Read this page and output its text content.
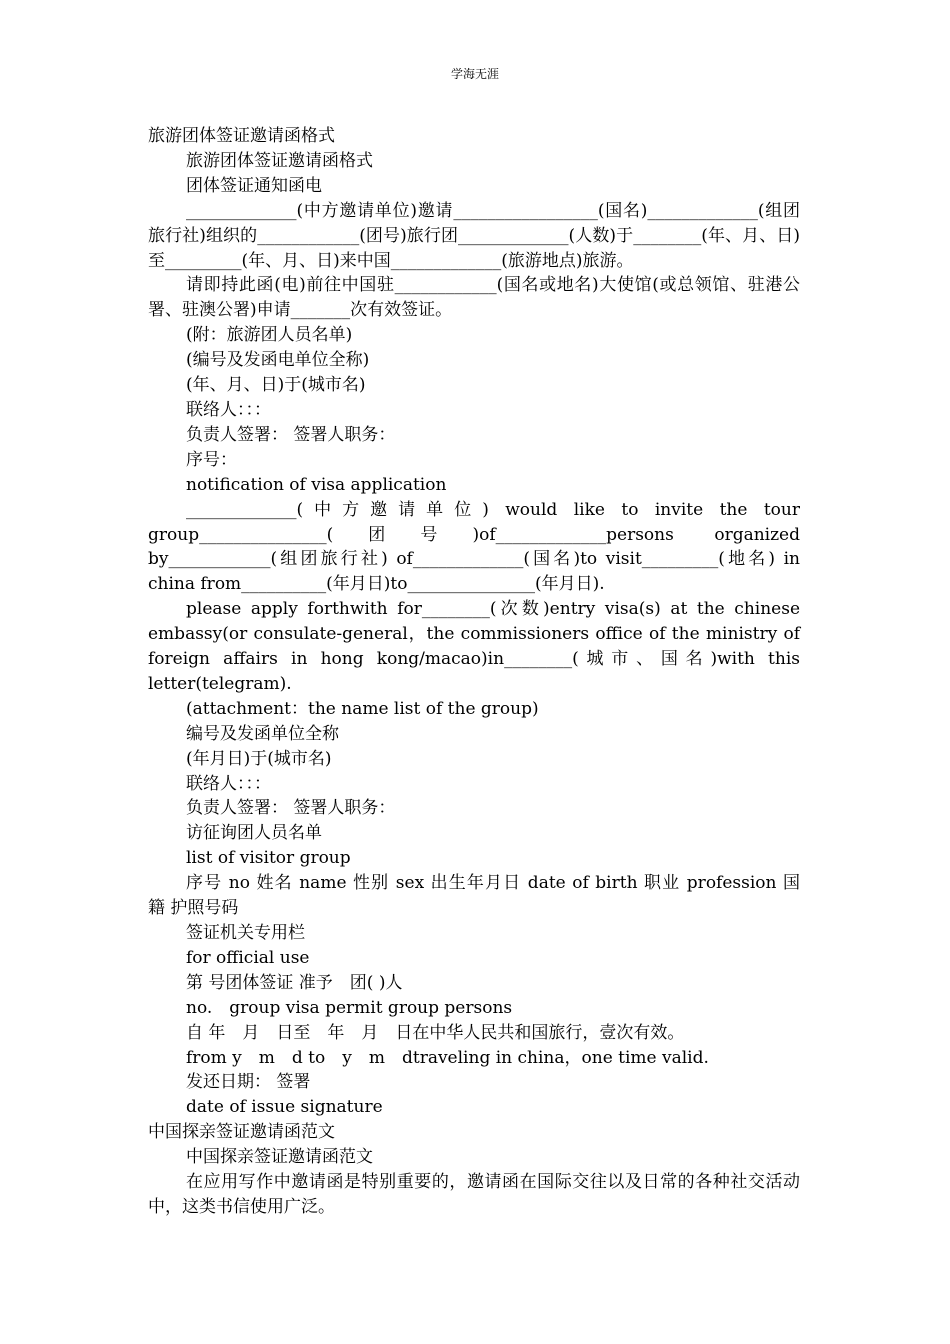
学海无涯

旅游团体签证邀请函格式

旅游团体签证邀请函格式

团体签证通知函电

_____________(中方邀请单位)邀请_________________(国名)_____________(组团旅行社)组织的____________(团号)旅行团_____________(人数)于________(年、月、日)至_________(年、月、日)来中国_____________(旅游地点)旅游。

请即持此函(电)前往中国驻____________(国名或地名)大使馆(或总领馆、驻港公署、驻澳公署)申请_______次有效签证。

(附：旅游团人员名单)

(编号及发函电单位全称)

(年、月、日)于(城市名)

联络人：：：

负责人签署： 签署人职务：

序号：

notification of visa application

_____________(中方邀请单位) would like to invite the tour group_______________(团号)of_____________persons organized by____________(组团旅行社) of_____________(国名)to visit_________(地名) in china from__________(年月日)to_______________(年月日).

please apply forthwith for________(次数)entry visa(s) at the chinese embassy(or consulate-general，the commissioners office of the ministry of foreign affairs in hong kong/macao)in________(城市、国名)with this letter(telegram).

(attachment：the name list of the group)

编号及发函单位全称

(年月日)于(城市名)

联络人：：：

负责人签署： 签署人职务：

访征询团人员名单

list of visitor group

序号 no 姓名 name 性别 sex 出生年月日 date of birth 职业 profession 国　籍 护照号码

签证机关专用栏

for official use

第 号团体签证 准予　团( )人

no.　group visa permit group persons

自 年　月　日至　年　月　日在中华人民共和国旅行，壹次有效。

from y　m　d to　y　m　dtraveling in china，one time valid.

发还日期： 签署

date of issue signature

中国探亲签证邀请函范文

中国探亲签证邀请函范文

在应用写作中邀请函是特别重要的，邀请函在国际交往以及日常的各种社交活动中，这类书信使用广泛。
